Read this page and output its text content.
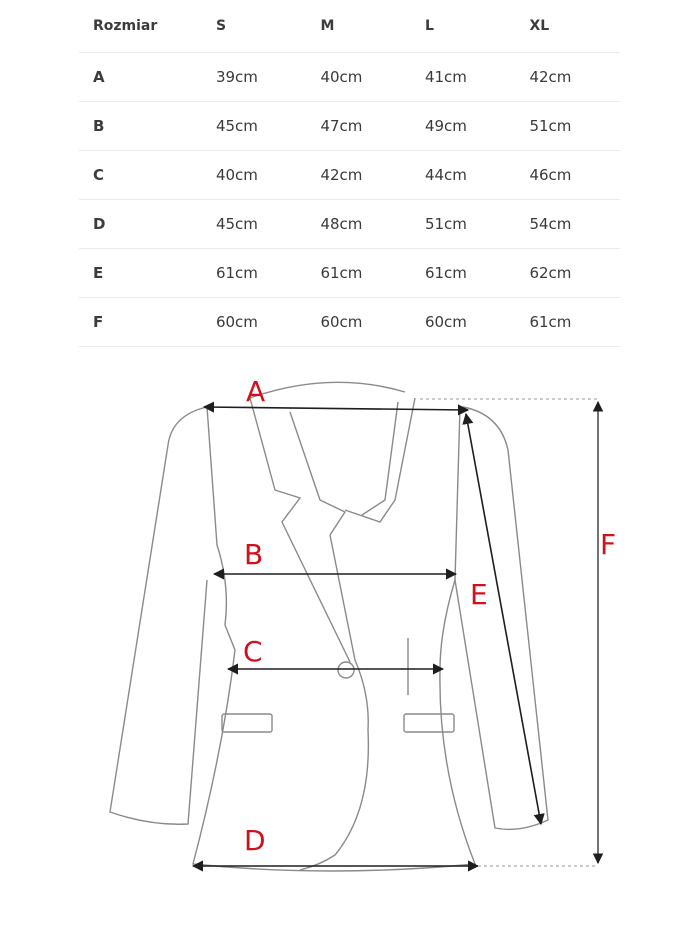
Rozmiar	S	M	L	XL
A	39cm	40cm	41cm	42cm
B	45cm	47cm	49cm	51cm
C	40cm	42cm	44cm	46cm
D	45cm	48cm	51cm	54cm
E	61cm	61cm	61cm	62cm
F	60cm	60cm	60cm	61cm
A
B
C
D
E
F
